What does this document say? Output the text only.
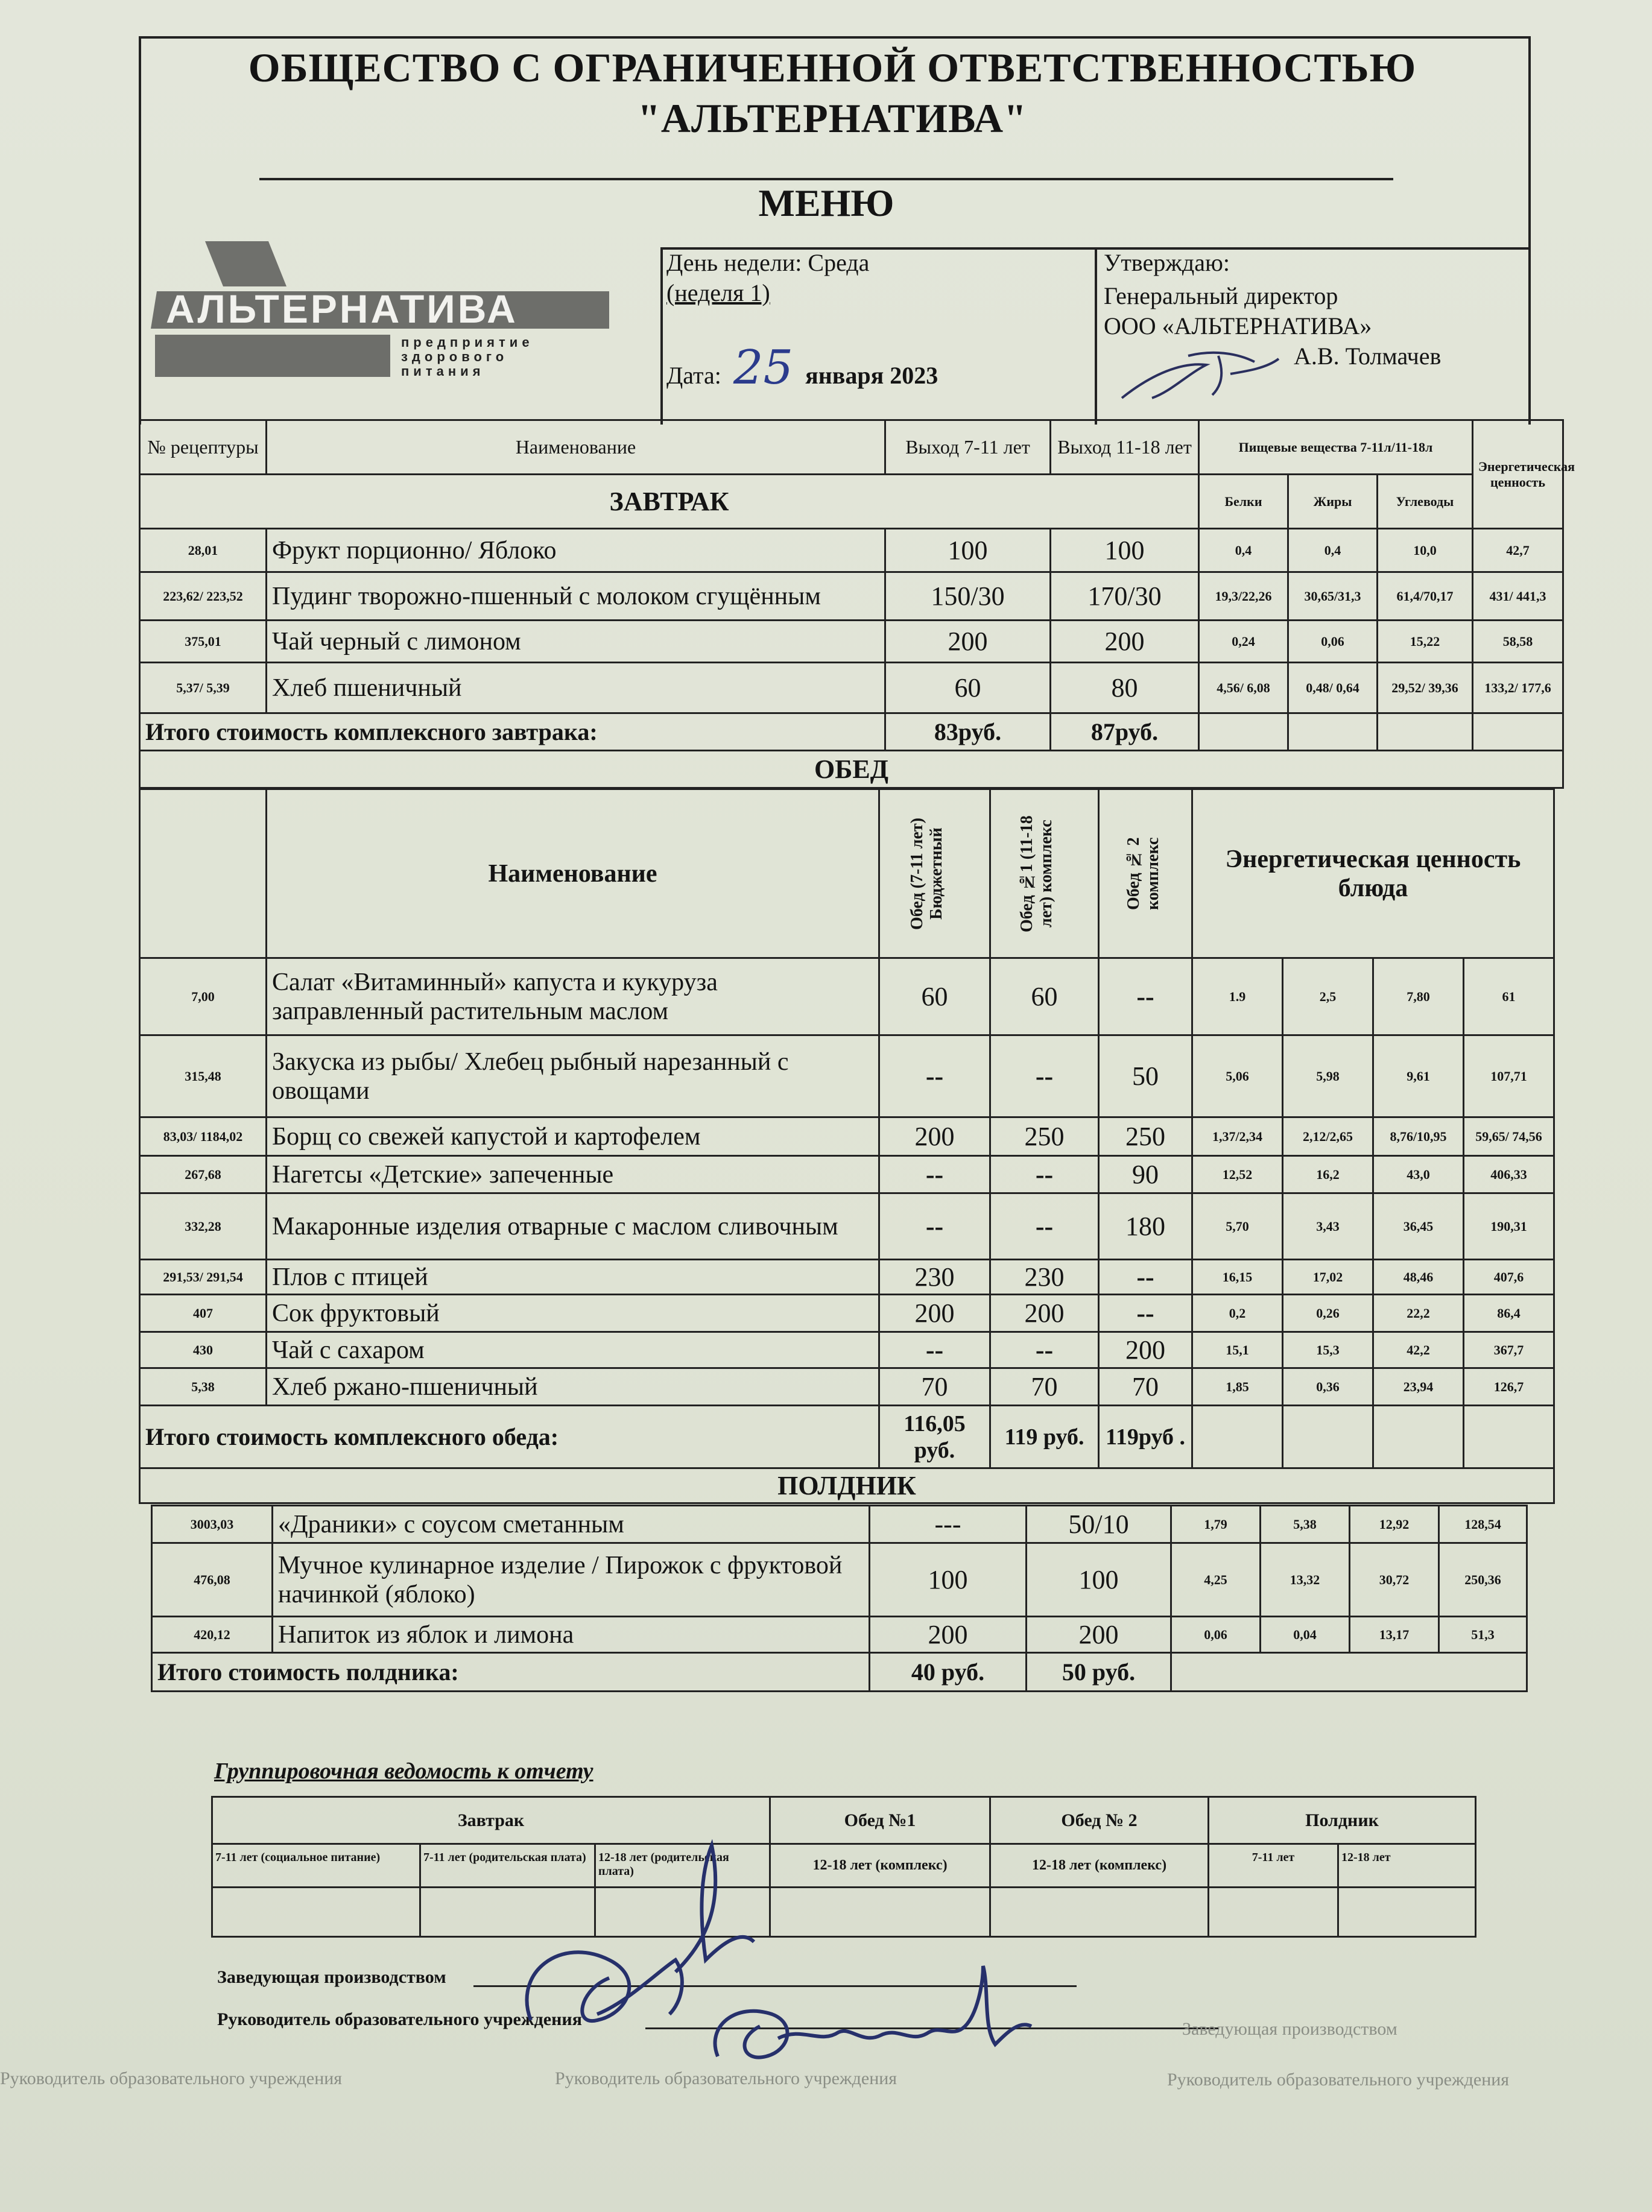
ОБЩЕСТВО С ОГРАНИЧЕННОЙ ОТВЕТСТВЕННОСТЬЮ
"АЛЬТЕРНАТИВА"
МЕНЮ
АЛЬТЕРНАТИВА
предприятие
здорового
питания
День недели: Среда
(неделя 1)
Дата: 25 января 2023
Утверждаю:
Генеральный директор
ООО «АЛЬТЕРНАТИВА»
А.В. Толмачев
№ рецептуры	Наименование	Выход 7-11 лет	Выход 11-18 лет	Пищевые вещества 7-11л/11-18л			Энергетическая ценность
ЗАВТРАК				Белки	Жиры	Углеводы	
28,01	Фрукт порционно/ Яблоко	100	100	0,4	0,4	10,0	42,7
223,62/ 223,52	Пудинг творожно-пшенный с молоком сгущённым	150/30	170/30	19,3/22,26	30,65/31,3	61,4/70,17	431/ 441,3
375,01	Чай черный с лимоном	200	200	0,24	0,06	15,22	58,58
5,37/ 5,39	Хлеб пшеничный	60	80	4,56/ 6,08	0,48/ 0,64	29,52/ 39,36	133,2/ 177,6
Итого стоимость комплексного завтрака:		83руб.	87руб.				
ОБЕД							
	Наименование	Обед (7-11 лет) Бюджетный	Обед №1 (11-18 лет) комплекс	Обед № 2 комплекс	Энергетическая ценность блюда			
7,00	Салат «Витаминный» капуста и кукуруза заправленный растительным маслом	60	60	--	1.9	2,5	7,80	61
315,48	Закуска из рыбы/ Хлебец рыбный нарезанный с овощами	--	--	50	5,06	5,98	9,61	107,71
83,03/ 1184,02	Борщ со свежей капустой и картофелем	200	250	250	1,37/2,34	2,12/2,65	8,76/10,95	59,65/ 74,56
267,68	Нагетсы «Детские» запеченные	--	--	90	12,52	16,2	43,0	406,33
332,28	Макаронные изделия отварные с маслом сливочным	--	--	180	5,70	3,43	36,45	190,31
291,53/ 291,54	Плов с птицей	230	230	--	16,15	17,02	48,46	407,6
407	Сок фруктовый	200	200	--	0,2	0,26	22,2	86,4
430	Чай с сахаром	--	--	200	15,1	15,3	42,2	367,7
5,38	Хлеб ржано-пшеничный	70	70	70	1,85	0,36	23,94	126,7
Итого стоимость комплексного обеда:		116,05 руб.	119 руб.	119руб .				
ПОЛДНИК								
3003,03	«Драники» с соусом сметанным	---	50/10	1,79	5,38	12,92	128,54
476,08	Мучное кулинарное изделие / Пирожок с фруктовой начинкой (яблоко)	100	100	4,25	13,32	30,72	250,36
420,12	Напиток из яблок и лимона	200	200	0,06	0,04	13,17	51,3
Итого стоимость полдника:		40 руб.	50 руб.				
Группировочная ведомость к отчету
Завтрак			Обед №1	Обед № 2	Полдник	
7-11 лет (социальное питание)	7-11 лет (родительская плата)	12-18 лет (родительская плата)	12-18 лет (комплекс)	12-18 лет (комплекс)	7-11 лет	12-18 лет

Заведующая производством
Руководитель образовательного учреждения	Заведующая производством
Руководитель образовательного учреждения	Руководитель образовательного учреждения	Руководитель образовательного учреждения
